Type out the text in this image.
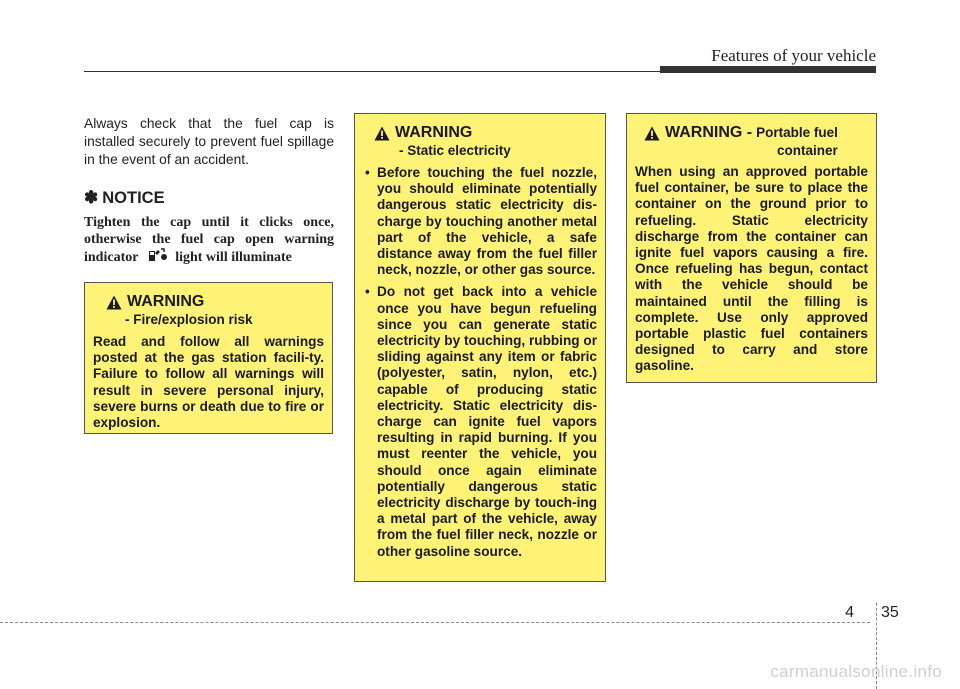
Features of your vehicle

Always check that the fuel cap is installed securely to prevent fuel spillage in the event of an accident.

✽ NOTICE

Tighten the cap until it clicks once, otherwise the fuel cap open warning indicator	light will illuminate

WARNING
- Fire/explosion risk

Read and follow all warnings posted at the gas station facili-ty. Failure to follow all warnings will result in severe personal injury, severe burns or death due to fire or explosion.

WARNING
- Static electricity
• Before touching the fuel nozzle, you should eliminate potentially dangerous static electricity dis-charge by touching another metal part of the vehicle, a safe distance away from the fuel filler neck, nozzle, or other gas source.
• Do not get back into a vehicle once you have begun refueling since you can generate static electricity by touching, rubbing or sliding against any item or fabric (polyester, satin, nylon, etc.) capable of producing static electricity. Static electricity dis-charge can ignite fuel vapors resulting in rapid burning. If you must reenter the vehicle, you should once again eliminate potentially dangerous static electricity discharge by touch-ing a metal part of the vehicle, away from the fuel filler neck, nozzle or other gasoline source.
WARNING - Portable fuel
container

When using an approved portable fuel container, be sure to place the container on the ground prior to refueling. Static electricity discharge from the container can ignite fuel vapors causing a fire. Once refueling has begun, contact with the vehicle should be maintained until the filling is complete. Use only approved portable plastic fuel containers designed to carry and store gasoline.

4 35
carmanualsonline.info
